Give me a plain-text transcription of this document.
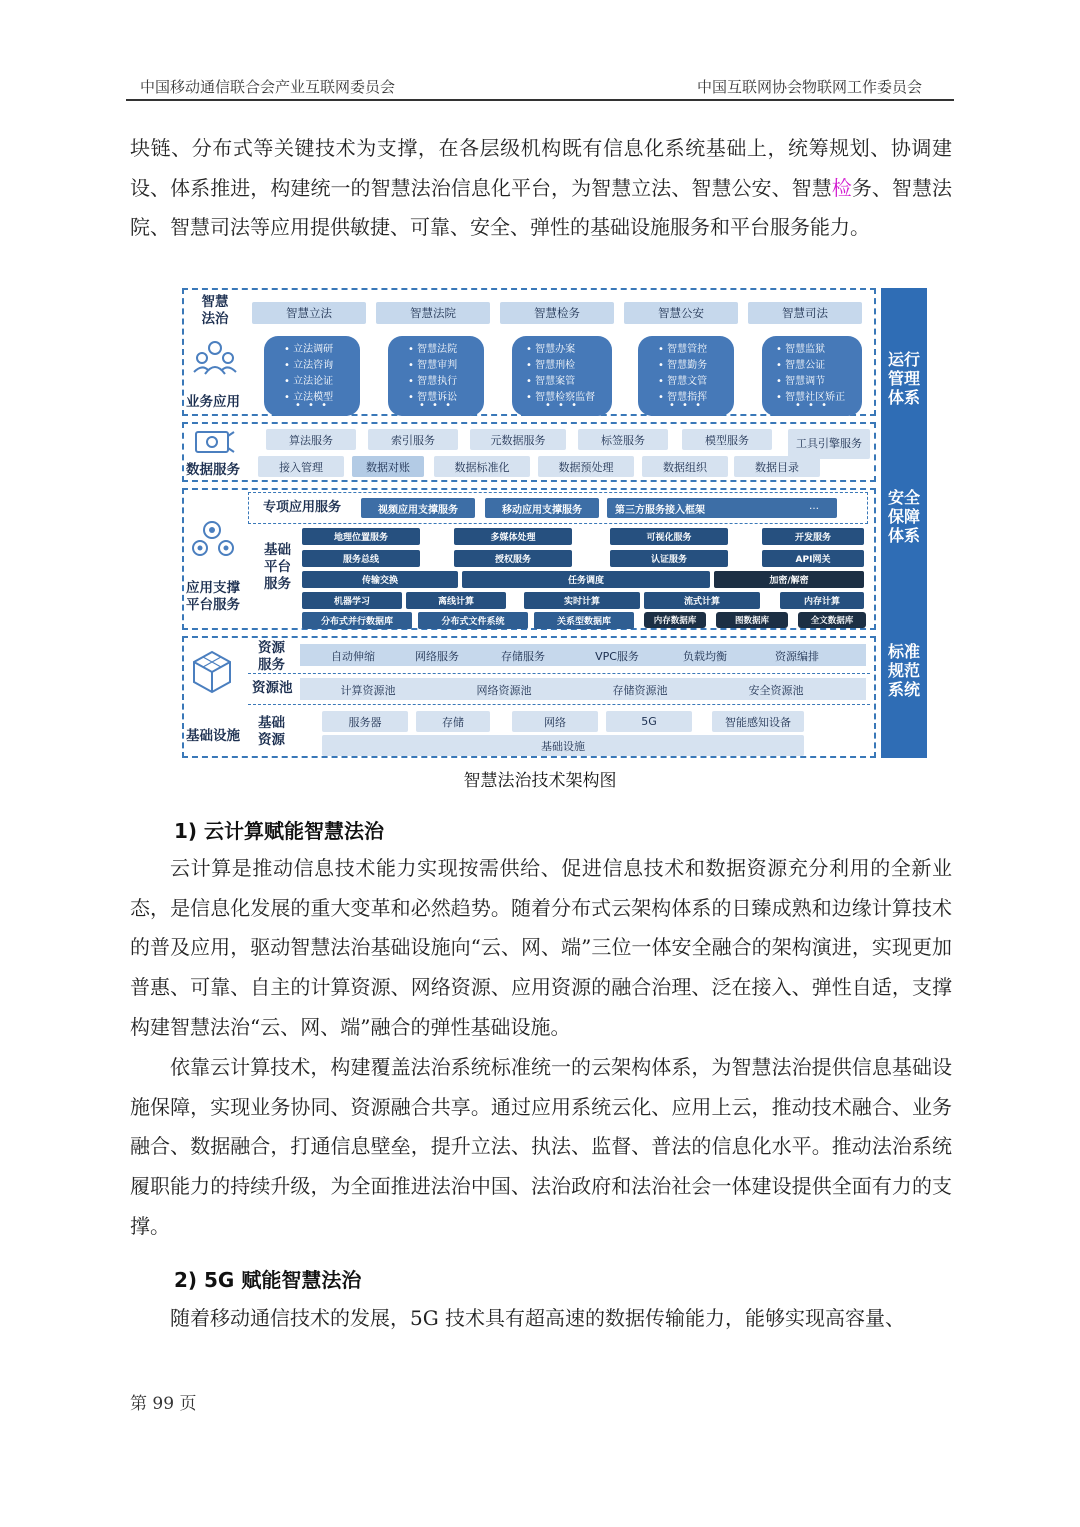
中国移动通信联合会产业互联网委员会	中国互联网协会物联网工作委员会
块链、分布式等关键技术为支撑，在各层级机构既有信息化系统基础上，统筹规划、协调建设、体系推进，构建统一的智慧法治信息化平台，为智慧立法、智慧公安、智慧检务、智慧法院、智慧司法等应用提供敏捷、可靠、安全、弹性的基础设施服务和平台服务能力。
智慧法治
业务应用
智慧立法	智慧法院	智慧检务	智慧公安	智慧司法
• 立法调研
• 立法咨询
• 立法论证
• 立法模型
• • •
• 智慧法院
• 智慧审判
• 智慧执行
• 智慧诉讼
• • •
• 智慧办案
• 智慧刑检
• 智慧案管
• 智慧检察监督
• • •
• 智慧管控
• 智慧勤务
• 智慧文管
• 智慧指挥
• • •
• 智慧监狱
• 智慧公证
• 智慧调节
• 智慧社区矫正
• • •
数据服务
算法服务	索引服务	元数据服务	标签服务	模型服务	工具引擎服务
接入管理	数据对账	数据标准化	数据预处理	数据组织	数据目录
应用支撑平台服务
专项应用服务	视频应用支撑服务	移动应用支撑服务	第三方服务接入框架	…
基础平台服务
地理位置服务	多媒体处理	可视化服务	开发服务
服务总线	授权服务	认证服务	API网关
传输交换	任务调度	加密/解密
机器学习	离线计算	实时计算	流式计算	内存计算
分布式并行数据库	分布式文件系统	关系型数据库	内存数据库	图数据库	全文数据库
基础设施
资源服务
自动伸缩	网络服务	存储服务	VPC服务	负载均衡	资源编排
资源池	计算资源池	网络资源池	存储资源池	安全资源池
基础资源
服务器	存储	网络	5G	智能感知设备
基础设施
运行管理体系
安全保障体系
标准规范系统
智慧法治技术架构图
1) 云计算赋能智慧法治
云计算是推动信息技术能力实现按需供给、促进信息技术和数据资源充分利用的全新业态，是信息化发展的重大变革和必然趋势。随着分布式云架构体系的日臻成熟和边缘计算技术的普及应用，驱动智慧法治基础设施向“云、网、端”三位一体安全融合的架构演进，实现更加普惠、可靠、自主的计算资源、网络资源、应用资源的融合治理、泛在接入、弹性自适，支撑构建智慧法治“云、网、端”融合的弹性基础设施。
依靠云计算技术，构建覆盖法治系统标准统一的云架构体系，为智慧法治提供信息基础设施保障，实现业务协同、资源融合共享。通过应用系统云化、应用上云，推动技术融合、业务融合、数据融合，打通信息壁垒，提升立法、执法、监督、普法的信息化水平。推动法治系统履职能力的持续升级，为全面推进法治中国、法治政府和法治社会一体建设提供全面有力的支撑。
2) 5G 赋能智慧法治
随着移动通信技术的发展，5G 技术具有超高速的数据传输能力，能够实现高容量、
第 99 页
